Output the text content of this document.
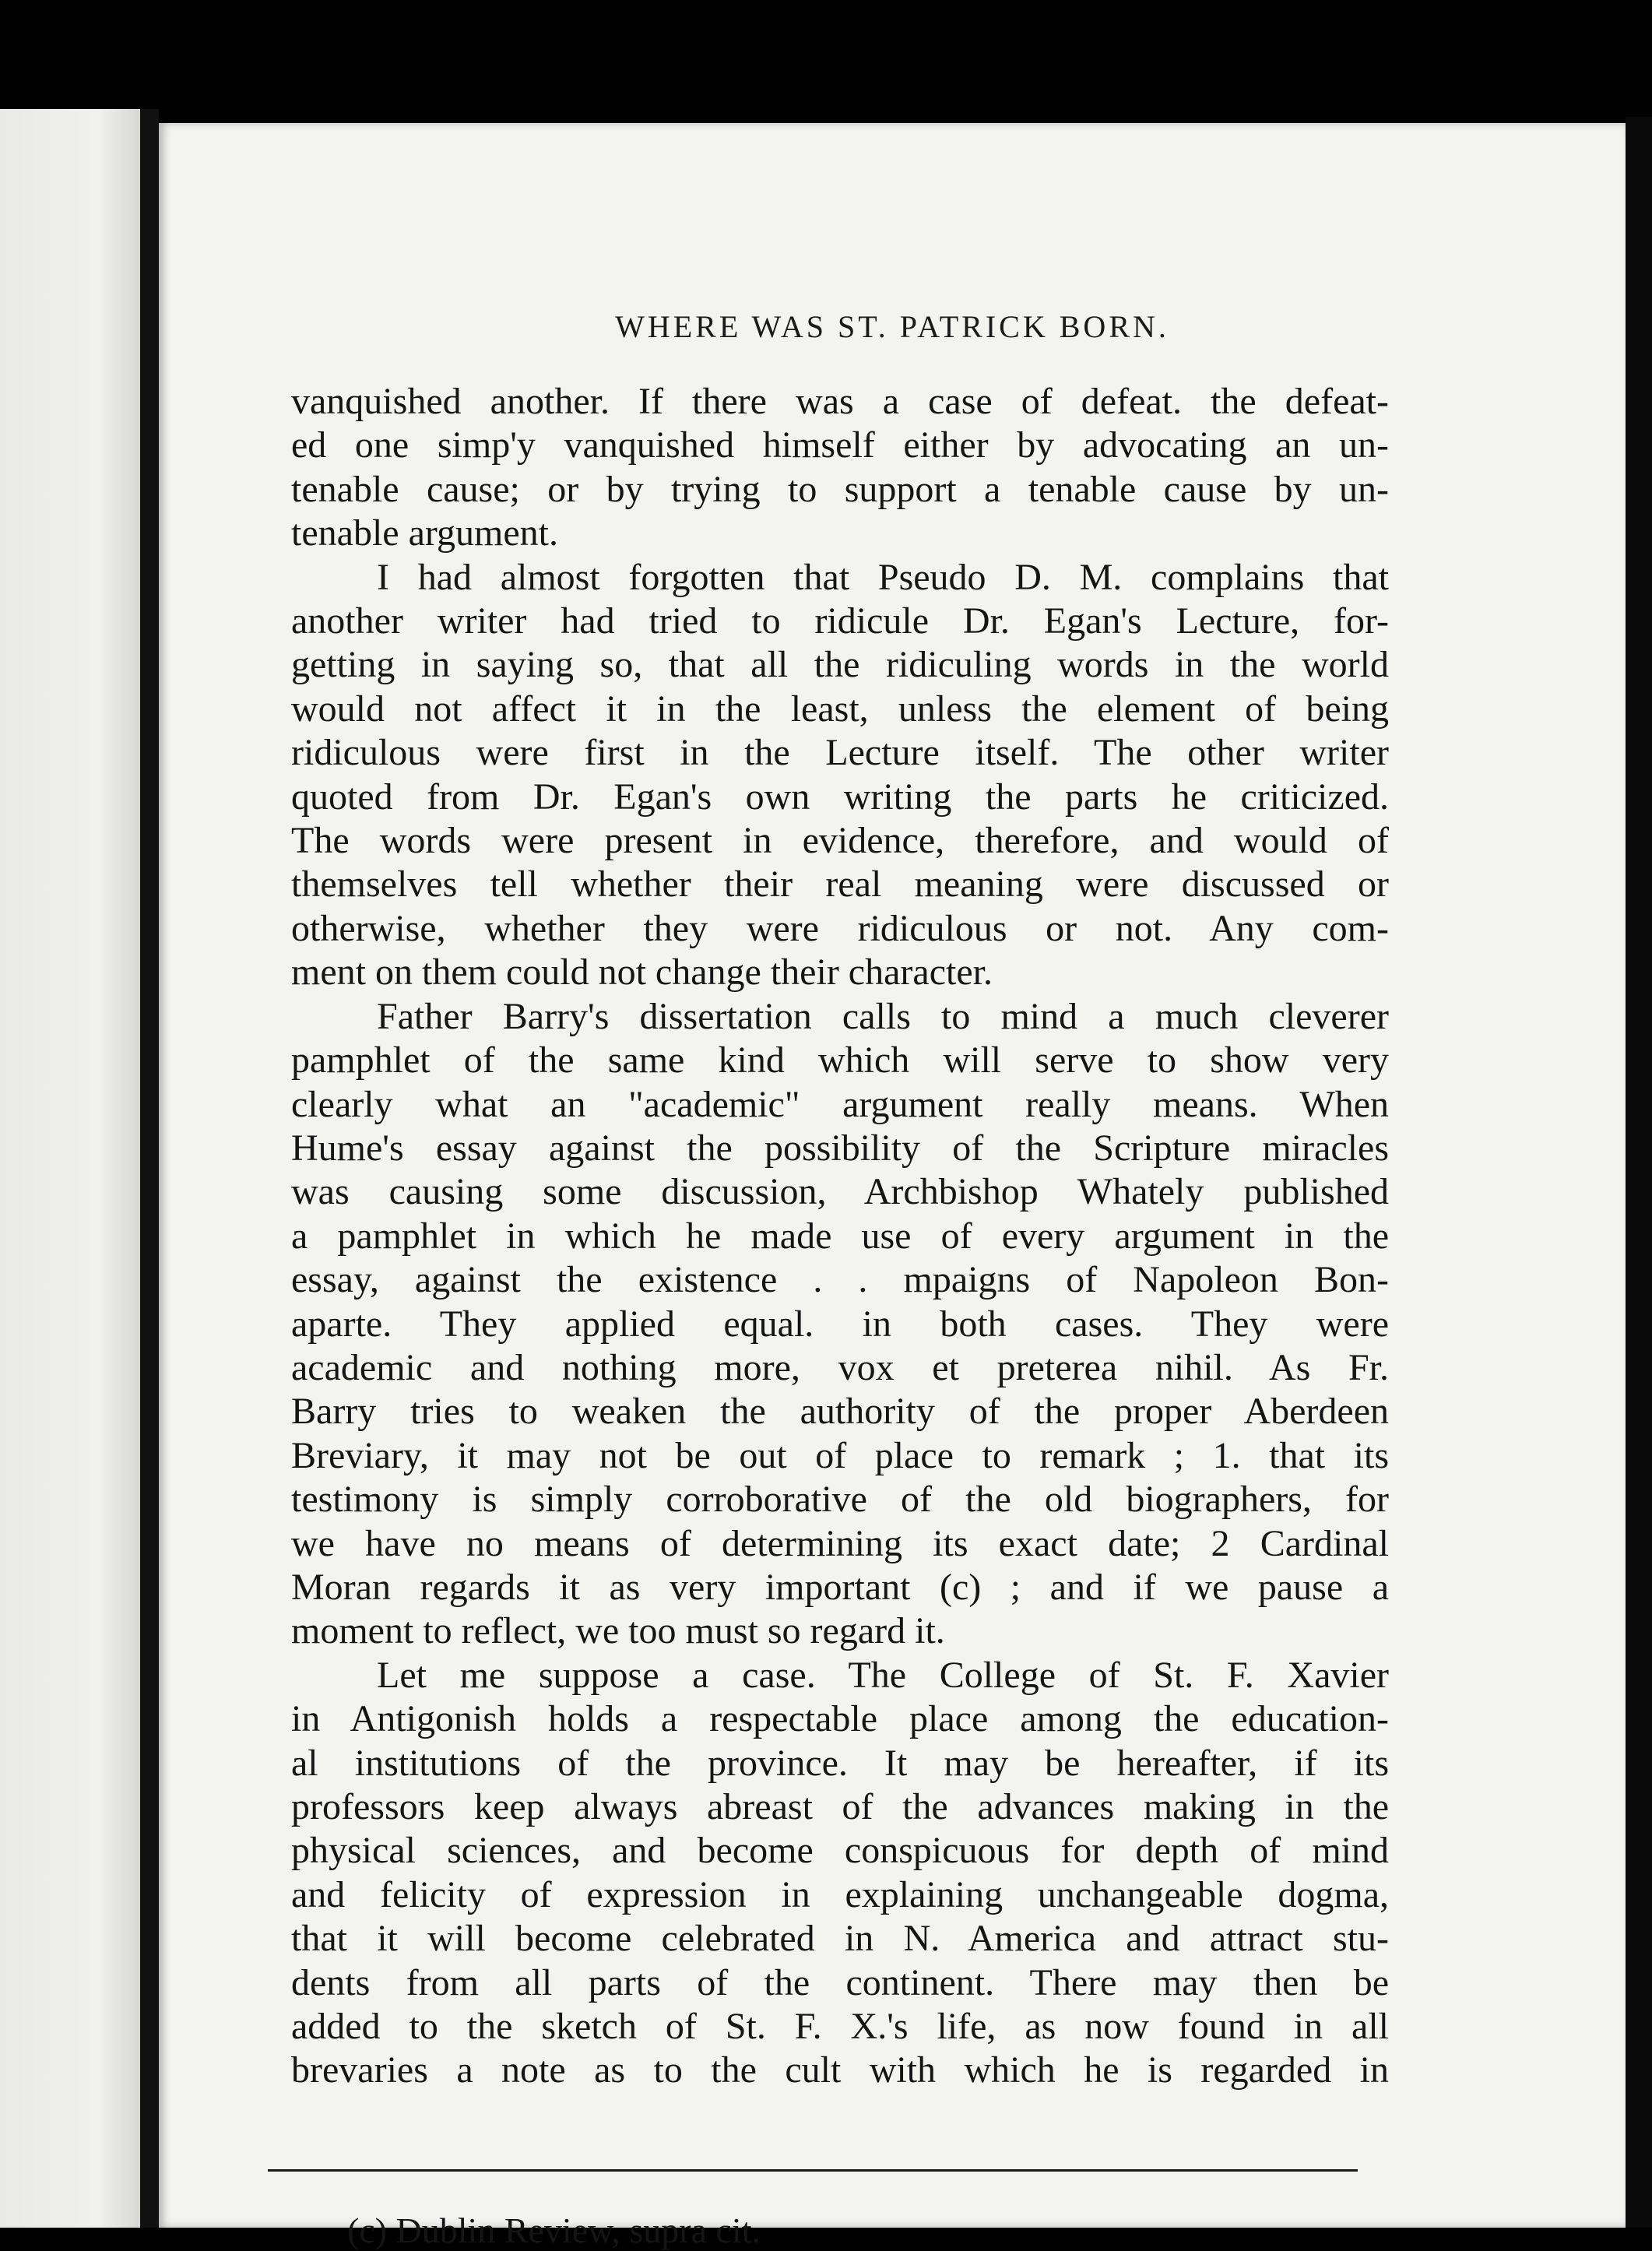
WHERE WAS ST. PATRICK BORN.
vanquished another. If there was a case of defeat. the defeat-
ed one simp'y vanquished himself either by advocating an un-
tenable cause; or by trying to support a tenable cause by un-
tenable argument.
I had almost forgotten that Pseudo D. M. complains that
another writer had tried to ridicule Dr. Egan's Lecture, for-
getting in saying so, that all the ridiculing words in the world
would not affect it in the least, unless the element of being
ridiculous were first in the Lecture itself. The other writer
quoted from Dr. Egan's own writing the parts he criticized.
The words were present in evidence, therefore, and would of
themselves tell whether their real meaning were discussed or
otherwise, whether they were ridiculous or not. Any com-
ment on them could not change their character.
Father Barry's dissertation calls to mind a much cleverer
pamphlet of the same kind which will serve to show very
clearly what an "academic" argument really means. When
Hume's essay against the possibility of the Scripture miracles
was causing some discussion, Archbishop Whately published
a pamphlet in which he made use of every argument in the
essay, against the existence . . mpaigns of Napoleon Bon-
aparte. They applied equal. in both cases. They were
academic and nothing more, vox et preterea nihil. As Fr.
Barry tries to weaken the authority of the proper Aberdeen
Breviary, it may not be out of place to remark ; 1. that its
testimony is simply corroborative of the old biographers, for
we have no means of determining its exact date; 2 Cardinal
Moran regards it as very important (c) ; and if we pause a
moment to reflect, we too must so regard it.
Let me suppose a case. The College of St. F. Xavier
in Antigonish holds a respectable place among the education-
al institutions of the province. It may be hereafter, if its
professors keep always abreast of the advances making in the
physical sciences, and become conspicuous for depth of mind
and felicity of expression in explaining unchangeable dogma,
that it will become celebrated in N. America and attract stu-
dents from all parts of the continent. There may then be
added to the sketch of St. F. X.'s life, as now found in all
brevaries a note as to the cult with which he is regarded in
(c) Dublin Review, supra cit.
